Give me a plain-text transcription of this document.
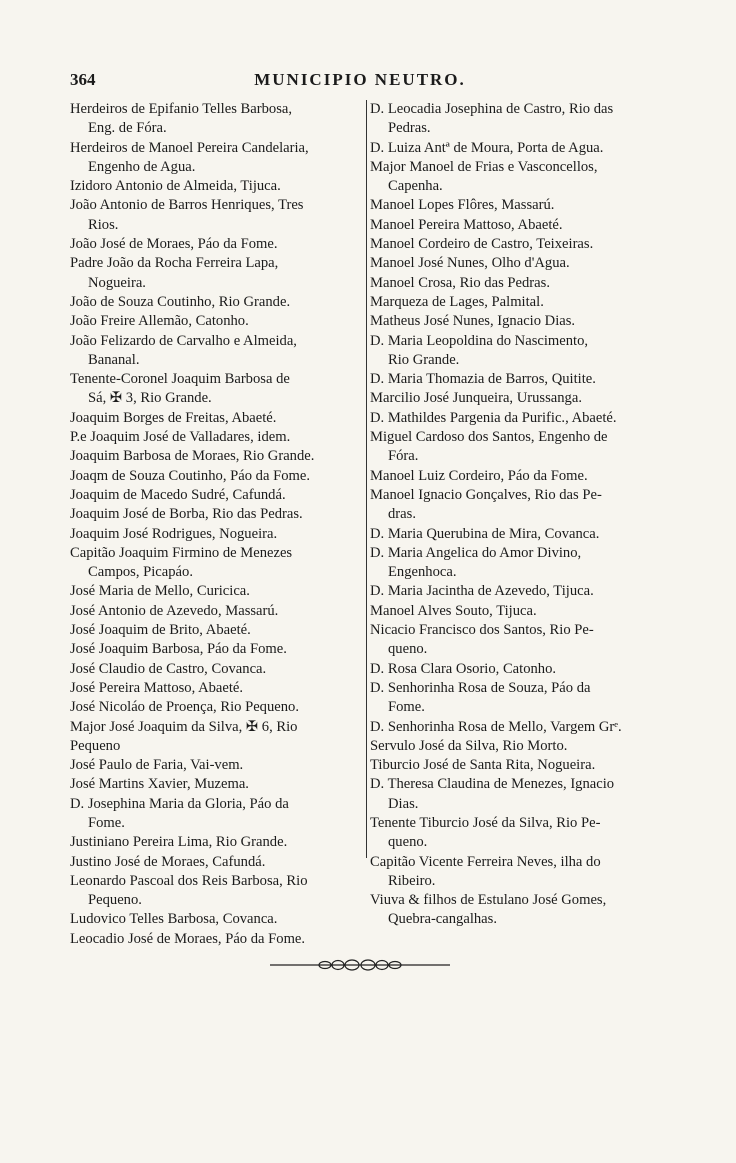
364	MUNICIPIO NEUTRO.
Herdeiros de Epifanio Telles Barbosa,
Eng. de Fóra.
Herdeiros de Manoel Pereira Candelaria,
Engenho de Agua.
Izidoro Antonio de Almeida, Tijuca.
João Antonio de Barros Henriques, Tres
Rios.
João José de Moraes, Páo da Fome.
Padre João da Rocha Ferreira Lapa,
Nogueira.
João de Souza Coutinho, Rio Grande.
João Freire Allemão, Catonho.
João Felizardo de Carvalho e Almeida,
Bananal.
Tenente-Coronel Joaquim Barbosa de
Sá, ✠ 3, Rio Grande.
Joaquim Borges de Freitas, Abaeté.
P.e Joaquim José de Valladares, idem.
Joaquim Barbosa de Moraes, Rio Grande.
Joaqm de Souza Coutinho, Páo da Fome.
Joaquim de Macedo Sudré, Cafundá.
Joaquim José de Borba, Rio das Pedras.
Joaquim José Rodrigues, Nogueira.
Capitão Joaquim Firmino de Menezes
Campos, Picapáo.
José Maria de Mello, Curicica.
José Antonio de Azevedo, Massarú.
José Joaquim de Brito, Abaeté.
José Joaquim Barbosa, Páo da Fome.
José Claudio de Castro, Covanca.
José Pereira Mattoso, Abaeté.
José Nicoláo de Proença, Rio Pequeno.
Major José Joaquim da Silva, ✠ 6, Rio
Pequeno
José Paulo de Faria, Vai-vem.
José Martins Xavier, Muzema.
D. Josephina Maria da Gloria, Páo da
Fome.
Justiniano Pereira Lima, Rio Grande.
Justino José de Moraes, Cafundá.
Leonardo Pascoal dos Reis Barbosa, Rio
Pequeno.
Ludovico Telles Barbosa, Covanca.
Leocadio José de Moraes, Páo da Fome.
D. Leocadia Josephina de Castro, Rio das
Pedras.
D. Luiza Antª de Moura, Porta de Agua.
Major Manoel de Frias e Vasconcellos,
Capenha.
Manoel Lopes Flôres, Massarú.
Manoel Pereira Mattoso, Abaeté.
Manoel Cordeiro de Castro, Teixeiras.
Manoel José Nunes, Olho d'Agua.
Manoel Crosa, Rio das Pedras.
Marqueza de Lages, Palmital.
Matheus José Nunes, Ignacio Dias.
D. Maria Leopoldina do Nascimento,
Rio Grande.
D. Maria Thomazia de Barros, Quitite.
Marcilio José Junqueira, Urussanga.
D. Mathildes Pargenia da Purific., Abaeté.
Miguel Cardoso dos Santos, Engenho de
Fóra.
Manoel Luiz Cordeiro, Páo da Fome.
Manoel Ignacio Gonçalves, Rio das Pe-
dras.
D. Maria Querubina de Mira, Covanca.
D. Maria Angelica do Amor Divino,
Engenhoca.
D. Maria Jacintha de Azevedo, Tijuca.
Manoel Alves Souto, Tijuca.
Nicacio Francisco dos Santos, Rio Pe-
queno.
D. Rosa Clara Osorio, Catonho.
D. Senhorinha Rosa de Souza, Páo da
Fome.
D. Senhorinha Rosa de Mello, Vargem Grᵉ.
Servulo José da Silva, Rio Morto.
Tiburcio José de Santa Rita, Nogueira.
D. Theresa Claudina de Menezes, Ignacio
Dias.
Tenente Tiburcio José da Silva, Rio Pe-
queno.
Capitão Vicente Ferreira Neves, ilha do
Ribeiro.
Viuva & filhos de Estulano José Gomes,
Quebra-cangalhas.
